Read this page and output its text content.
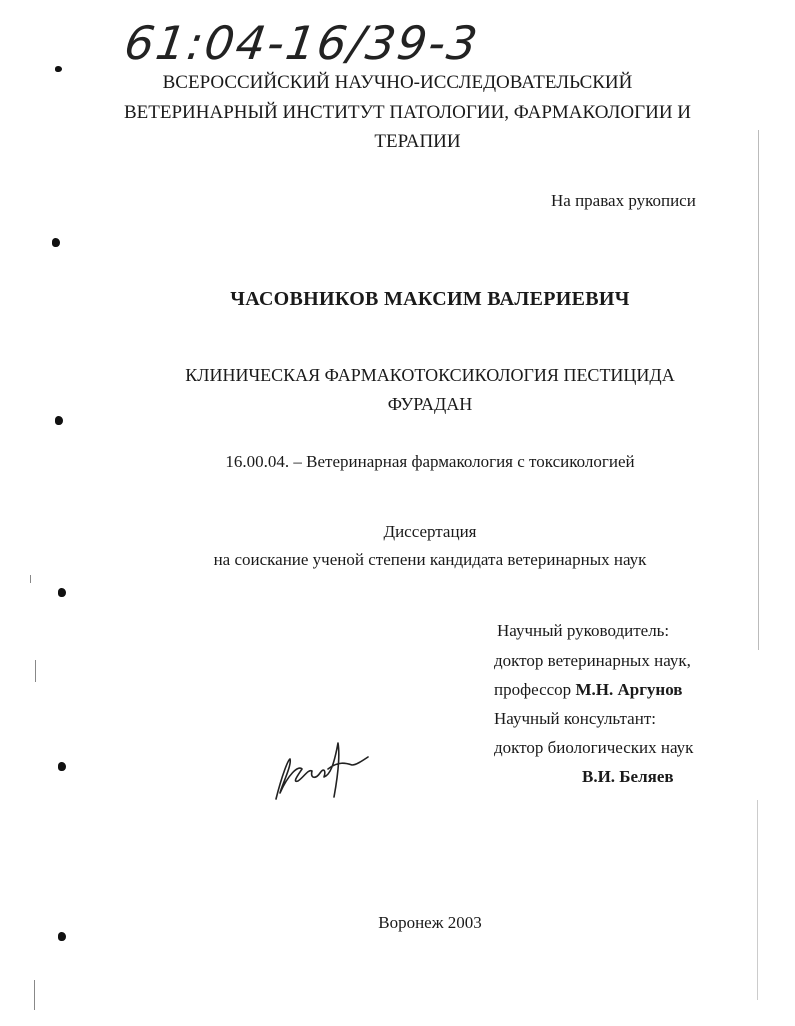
61:04-16/39-3
ВСЕРОССИЙСКИЙ НАУЧНО-ИССЛЕДОВАТЕЛЬСКИЙ
ВЕТЕРИНАРНЫЙ ИНСТИТУТ ПАТОЛОГИИ, ФАРМАКОЛОГИИ И
ТЕРАПИИ
На правах рукописи
ЧАСОВНИКОВ МАКСИМ ВАЛЕРИЕВИЧ
КЛИНИЧЕСКАЯ ФАРМАКОТОКСИКОЛОГИЯ ПЕСТИЦИДА
ФУРАДАН
16.00.04. – Ветеринарная фармакология с токсикологией
Диссертация
на соискание ученой степени кандидата ветеринарных наук
Научный руководитель:
доктор ветеринарных наук,
профессор М.Н. Аргунов
Научный консультант:
доктор биологических наук
В.И. Беляев
Воронеж 2003
